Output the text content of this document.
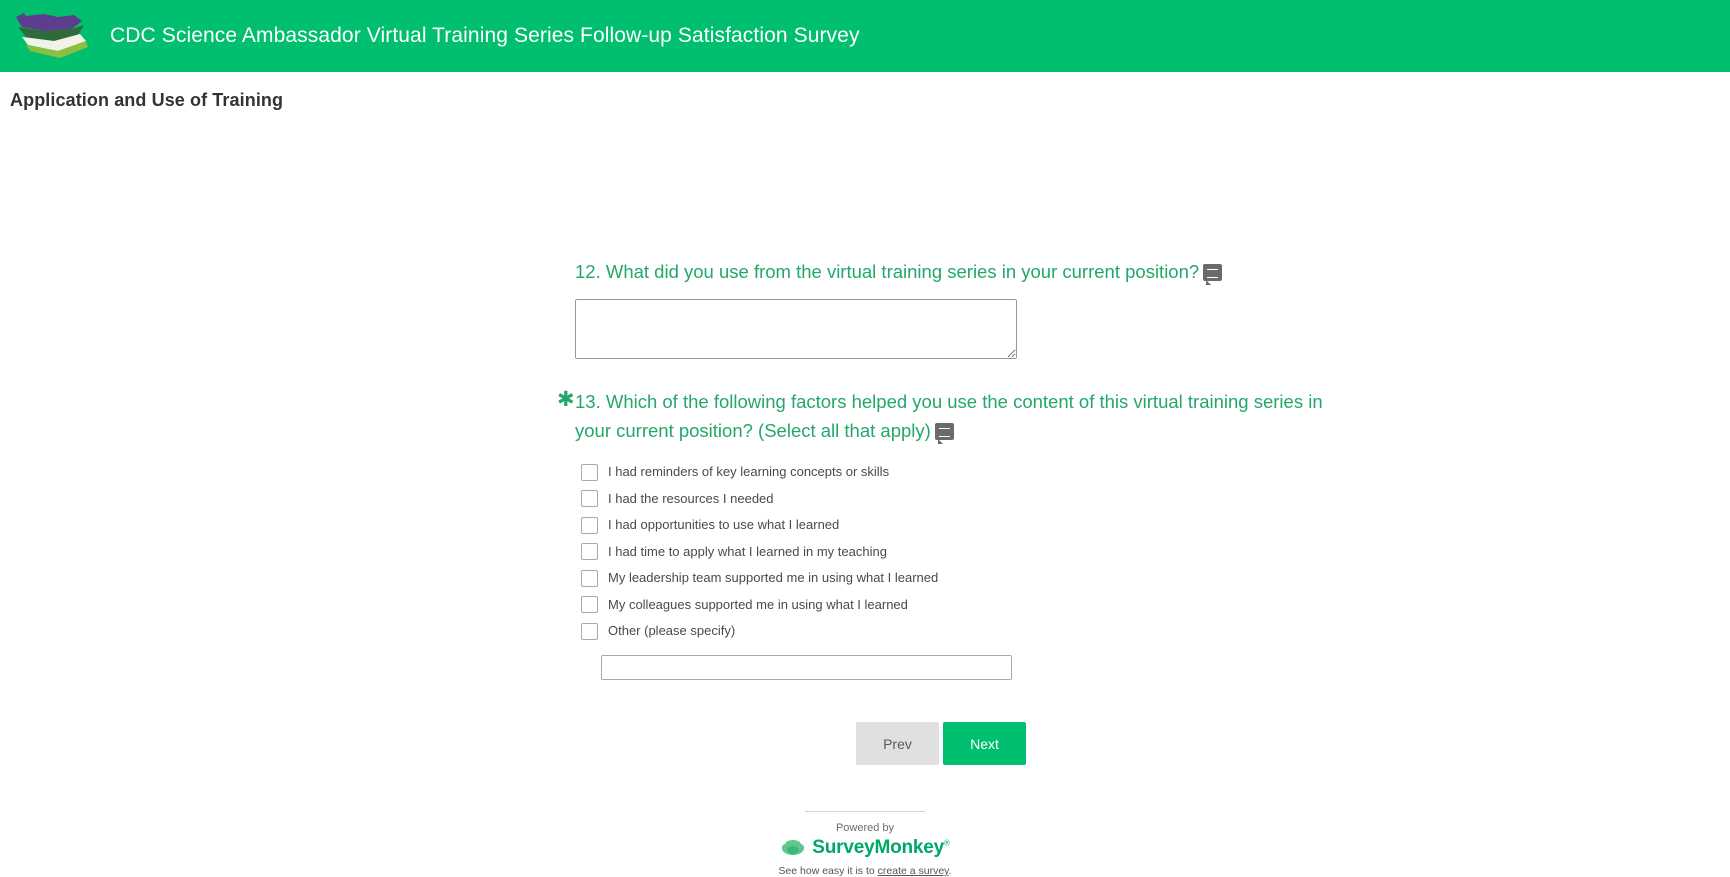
CDC Science Ambassador Virtual Training Series Follow-up Satisfaction Survey
Application and Use of Training
12. What did you use from the virtual training series in your current position?
✱ 13. Which of the following factors helped you use the content of this virtual training series in your current position? (Select all that apply)
I had reminders of key learning concepts or skills
I had the resources I needed
I had opportunities to use what I learned
I had time to apply what I learned in my teaching
My leadership team supported me in using what I learned
My colleagues supported me in using what I learned
Other (please specify)
Prev	Next
Powered by
SurveyMonkey®
See how easy it is to create a survey.
